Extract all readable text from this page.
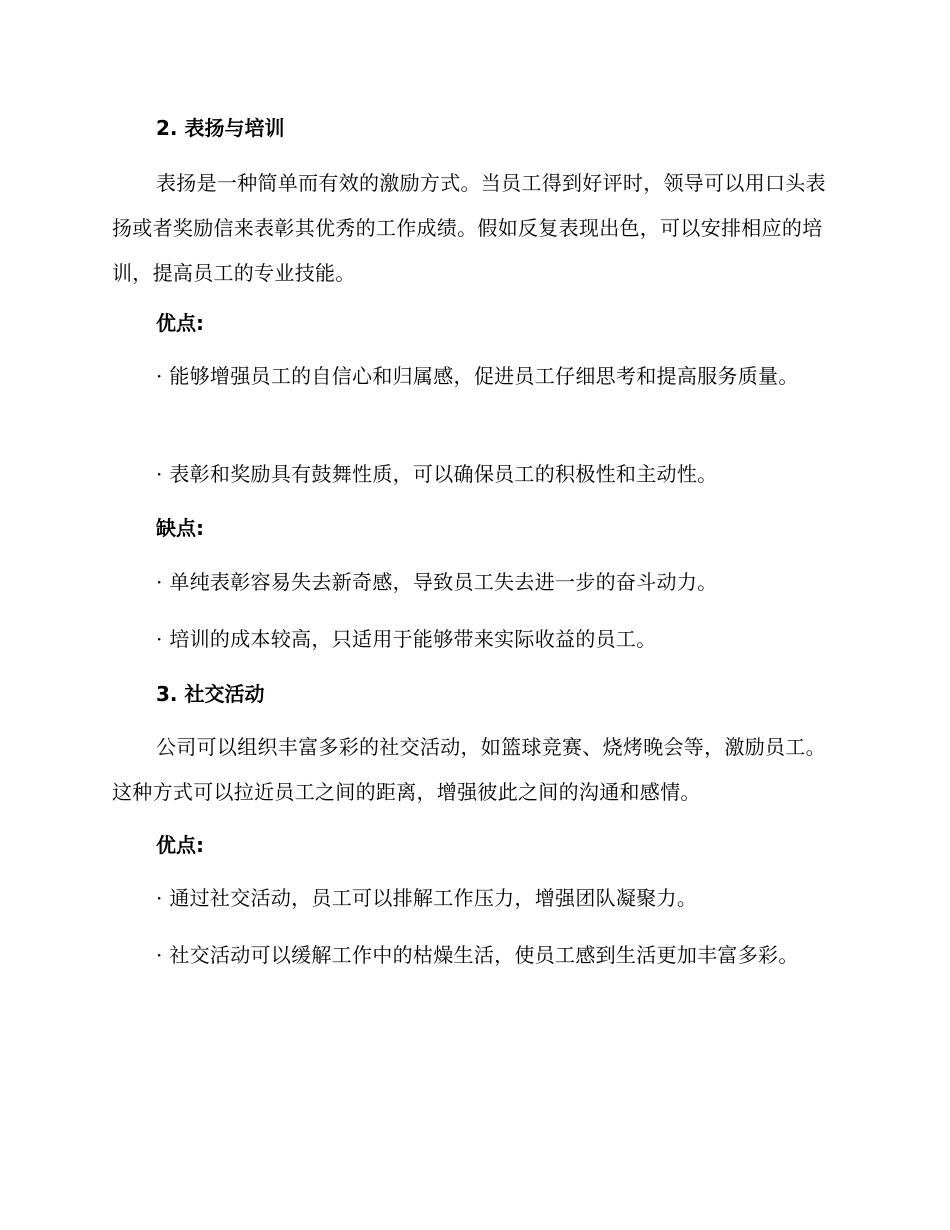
2. 表扬与培训

表扬是一种简单而有效的激励方式。当员工得到好评时，领导可以用口头表扬或者奖励信来表彰其优秀的工作成绩。假如反复表现出色，可以安排相应的培训，提高员工的专业技能。

优点:

· 能够增强员工的自信心和归属感，促进员工仔细思考和提高服务质量。

· 表彰和奖励具有鼓舞性质，可以确保员工的积极性和主动性。

缺点:

· 单纯表彰容易失去新奇感，导致员工失去进一步的奋斗动力。

· 培训的成本较高，只适用于能够带来实际收益的员工。

3. 社交活动

公司可以组织丰富多彩的社交活动，如篮球竞赛、烧烤晚会等，激励员工。这种方式可以拉近员工之间的距离，增强彼此之间的沟通和感情。

优点:

· 通过社交活动，员工可以排解工作压力，增强团队凝聚力。

· 社交活动可以缓解工作中的枯燥生活，使员工感到生活更加丰富多彩。
